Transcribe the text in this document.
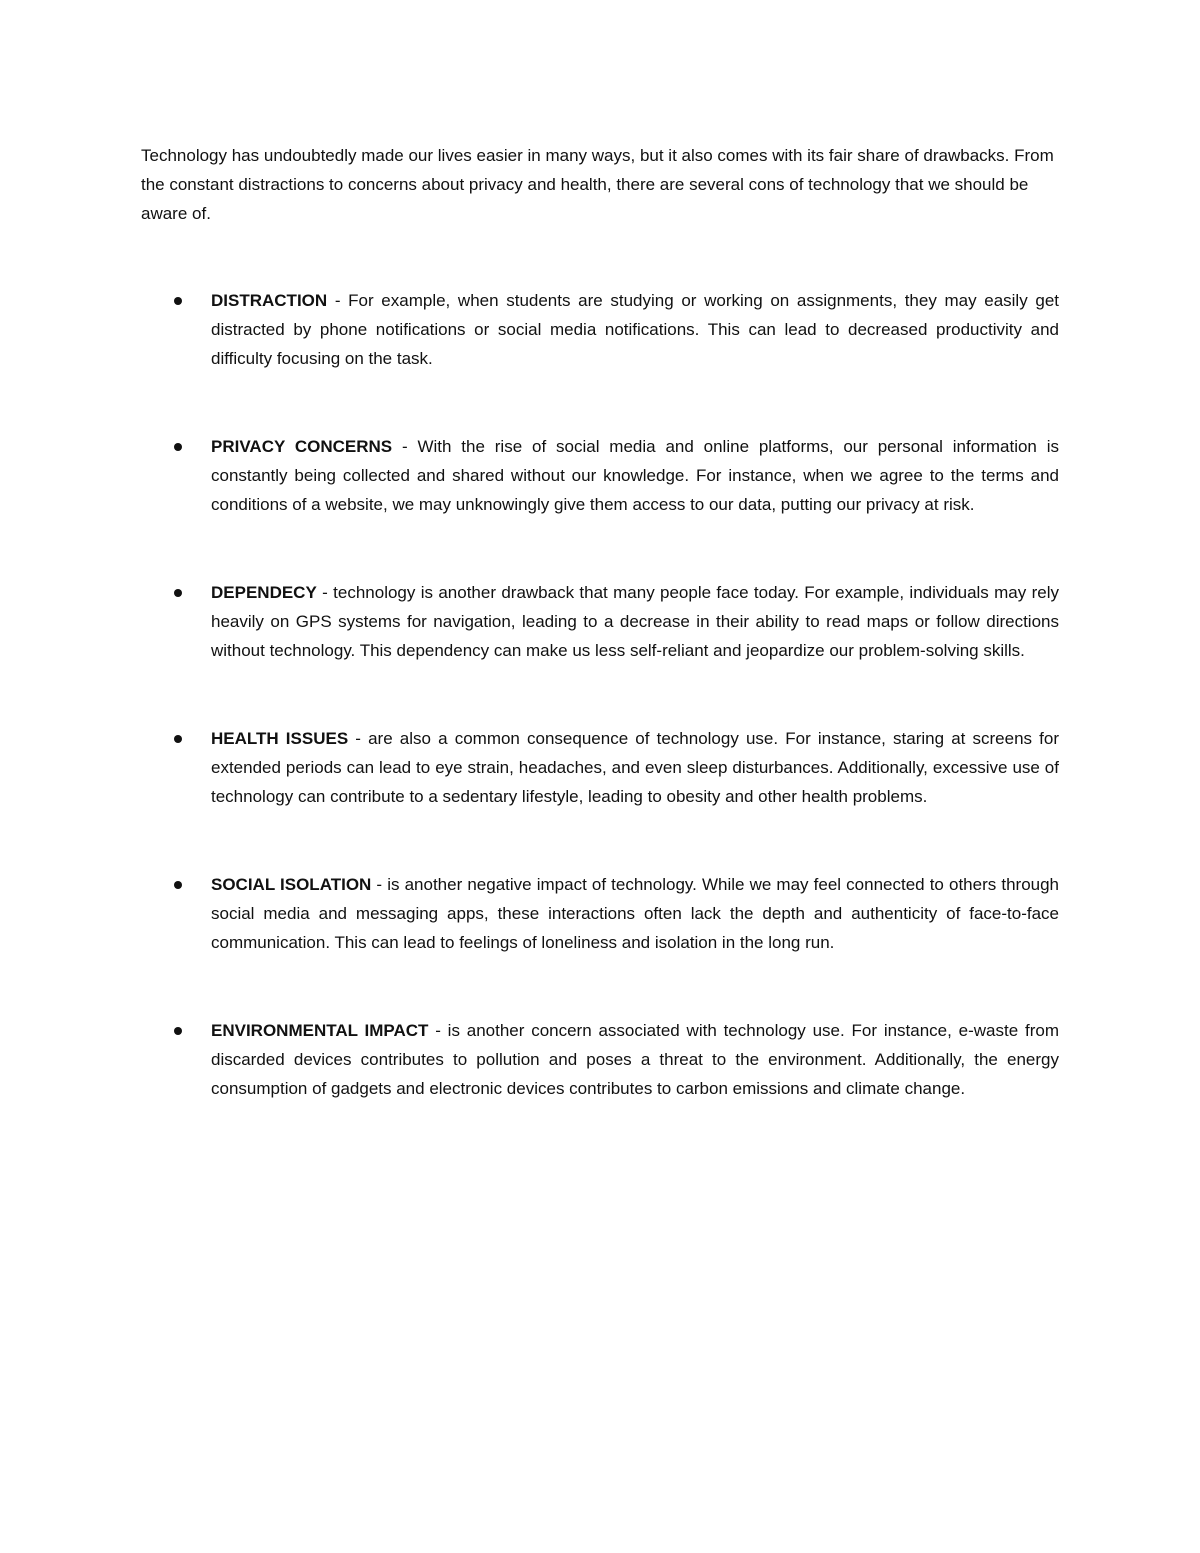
Technology has undoubtedly made our lives easier in many ways, but it also comes with its fair share of drawbacks. From the constant distractions to concerns about privacy and health, there are several cons of technology that we should be aware of.

DISTRACTION - For example, when students are studying or working on assignments, they may easily get distracted by phone notifications or social media notifications. This can lead to decreased productivity and difficulty focusing on the task.
PRIVACY CONCERNS - With the rise of social media and online platforms, our personal information is constantly being collected and shared without our knowledge. For instance, when we agree to the terms and conditions of a website, we may unknowingly give them access to our data, putting our privacy at risk.
DEPENDECY - technology is another drawback that many people face today. For example, individuals may rely heavily on GPS systems for navigation, leading to a decrease in their ability to read maps or follow directions without technology. This dependency can make us less self-reliant and jeopardize our problem-solving skills.
HEALTH ISSUES - are also a common consequence of technology use. For instance, staring at screens for extended periods can lead to eye strain, headaches, and even sleep disturbances. Additionally, excessive use of technology can contribute to a sedentary lifestyle, leading to obesity and other health problems.
SOCIAL ISOLATION - is another negative impact of technology. While we may feel connected to others through social media and messaging apps, these interactions often lack the depth and authenticity of face-to-face communication. This can lead to feelings of loneliness and isolation in the long run.
ENVIRONMENTAL IMPACT - is another concern associated with technology use. For instance, e-waste from discarded devices contributes to pollution and poses a threat to the environment. Additionally, the energy consumption of gadgets and electronic devices contributes to carbon emissions and climate change.
